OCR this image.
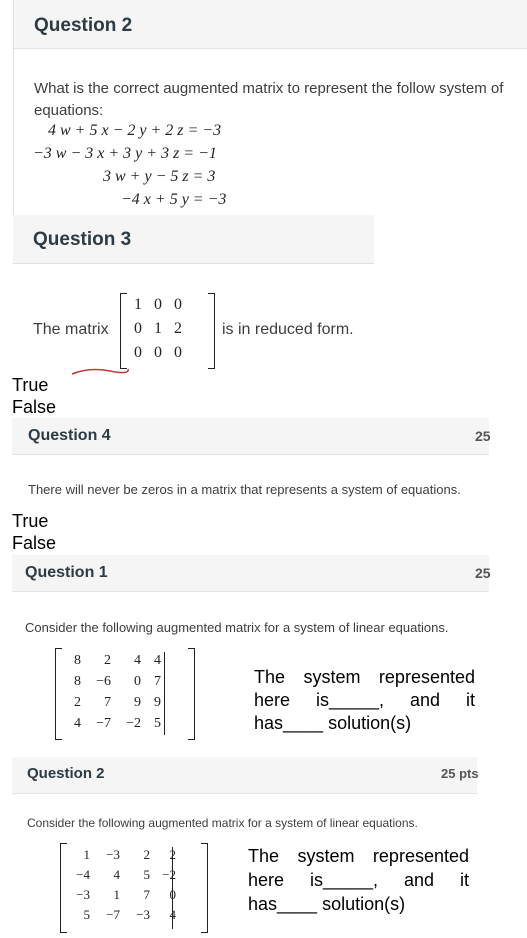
Question 2
What is the correct augmented matrix to represent the follow system of equations:
4 w + 5 x − 2 y + 2 z = −3
−3 w − 3 x + 3 y + 3 z = −1
3 w + y − 5 z = 3
−4 x + 5 y = −3
Question 3
The matrix
1	0	0
0	1	2
0	0	0
is in reduced form.
True
False
Question 4	25
There will never be zeros in a matrix that represents a system of equations.
True
False
Question 1	25
Consider the following augmented matrix for a system of linear equations.
8	2	4	4
8	−6	0	7
2	7	9	9
4	−7	−2	5
The system represented here is_____, and it has____ solution(s)
Question 2	25 pts
Consider the following augmented matrix for a system of linear equations.
1	−3	2	2
−4	4	5	−2
−3	1	7	0
5	−7	−3	4
The system represented here is_____, and it has____ solution(s)
